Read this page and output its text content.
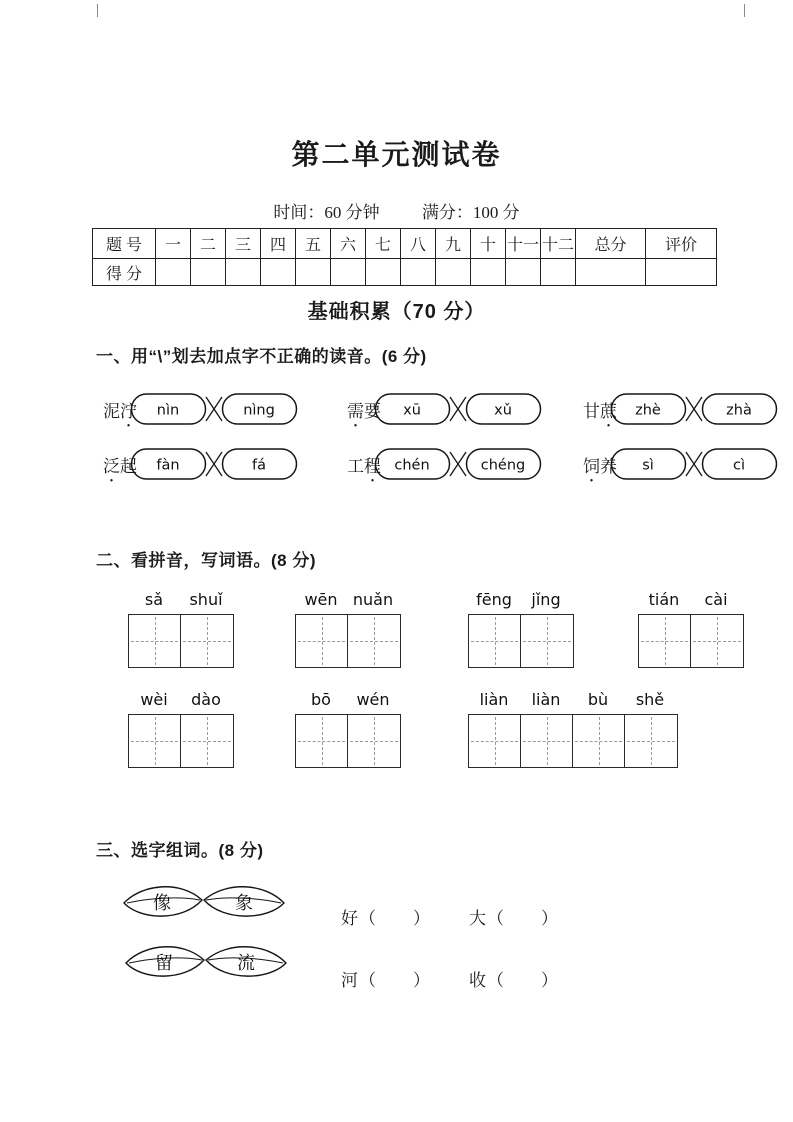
第二单元测试卷
时间：60 分钟 满分：100 分
题 号	一	二	三	四	五	六	七	八	九	十	十一	十二	总分	评价
得 分														
基础积累（70 分）
一、用“\”划去加点字不正确的读音。(6 分)
泥泞 nìn	nìng	需要 xū	xǔ	甘蔗 zhè	zhà
泛起 fàn	fá	工程 chén	chéng	饲养 sì	cì
二、看拼音，写词语。(8 分)
sǎ	shuǐ	wēn nuǎn	fēng	jǐng	tián	cài
wèi	dào	bō	wén	liàn	liàn	bù	shě
三、选字组词。(8 分)
像	象
留	流
好（　　） 大（　　）
河（　　） 收（　　）
